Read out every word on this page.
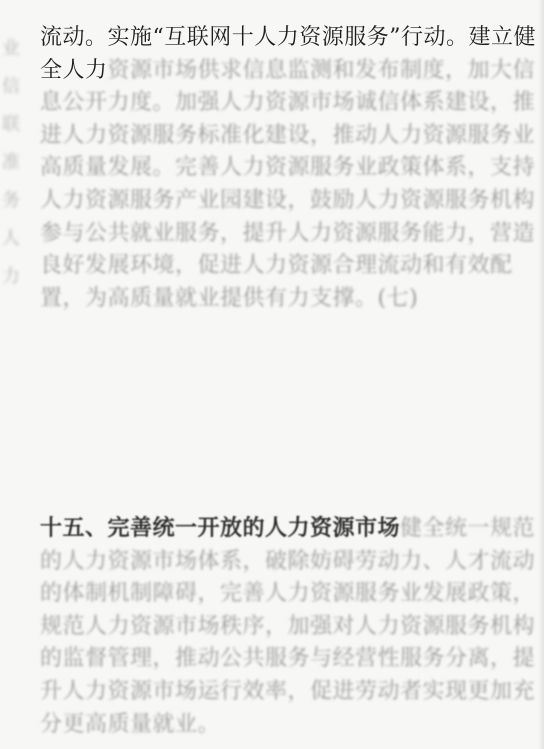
业信联准务人力

流动。实施“互联网十人力资源服务”行动。建立健全人力资源市场供求信息监测和发布制度，加大信息公开力度。加强人力资源市场诚信体系建设，推进人力资源服务标准化建设，推动人力资源服务业高质量发展。完善人力资源服务业政策体系，支持人力资源服务产业园建设，鼓励人力资源服务机构参与公共就业服务，提升人力资源服务能力，营造良好发展环境，促进人力资源合理流动和有效配置，为高质量就业提供有力支撑。(七)

十五、完善统一开放的人力资源市场健全统一规范的人力资源市场体系，破除妨碍劳动力、人才流动的体制机制障碍，完善人力资源服务业发展政策，规范人力资源市场秩序，加强对人力资源服务机构的监督管理，推动公共服务与经营性服务分离，提升人力资源市场运行效率，促进劳动者实现更加充分更高质量就业。
